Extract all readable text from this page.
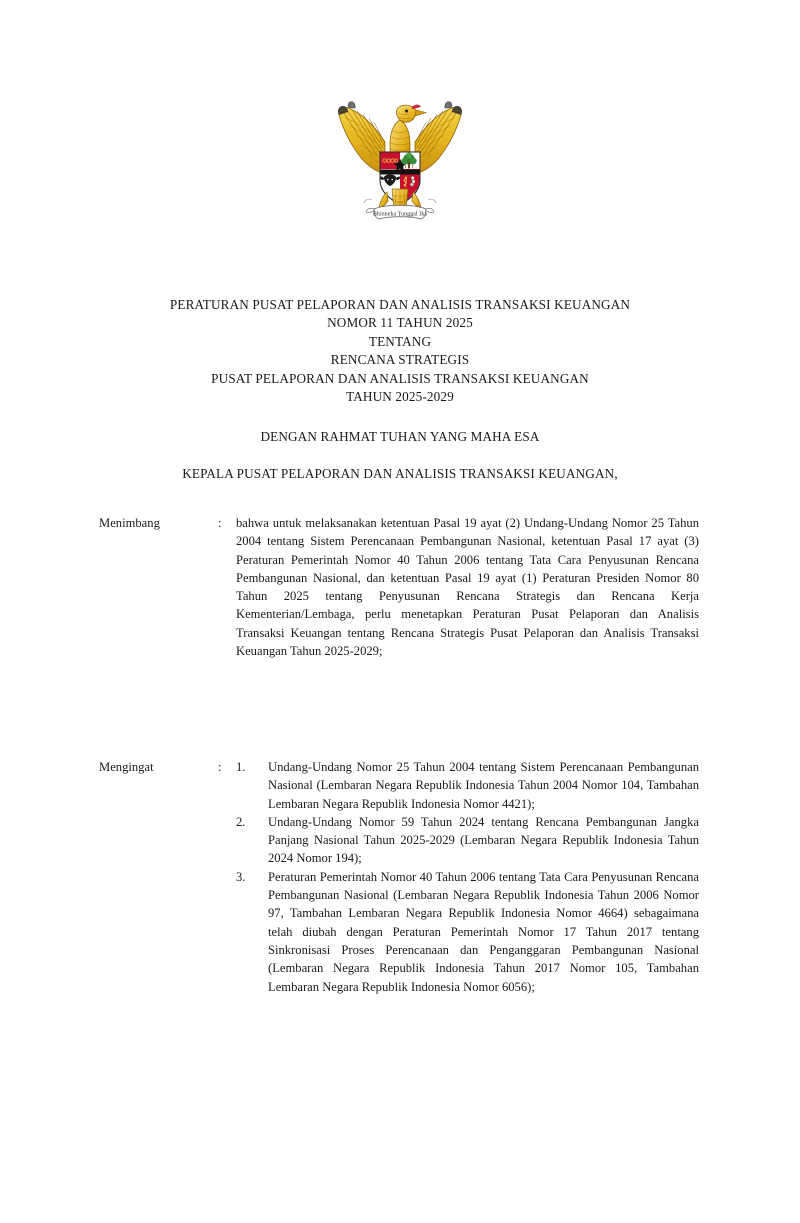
Bhinneka Tunggal Ika
PERATURAN PUSAT PELAPORAN DAN ANALISIS TRANSAKSI KEUANGAN
NOMOR 11 TAHUN 2025
TENTANG
RENCANA STRATEGIS
PUSAT PELAPORAN DAN ANALISIS TRANSAKSI KEUANGAN
TAHUN 2025-2029
DENGAN RAHMAT TUHAN YANG MAHA ESA
KEPALA PUSAT PELAPORAN DAN ANALISIS TRANSAKSI KEUANGAN,
Menimbang	:	bahwa untuk melaksanakan ketentuan Pasal 19 ayat (2) Undang-Undang Nomor 25 Tahun 2004 tentang Sistem Perencanaan Pembangunan Nasional, ketentuan Pasal 17 ayat (3) Peraturan Pemerintah Nomor 40 Tahun 2006 tentang Tata Cara Penyusunan Rencana Pembangunan Nasional, dan ketentuan Pasal 19 ayat (1) Peraturan Presiden Nomor 80 Tahun 2025 tentang Penyusunan Rencana Strategis dan Rencana Kerja Kementerian/Lembaga, perlu menetapkan Peraturan Pusat Pelaporan dan Analisis Transaksi Keuangan tentang Rencana Strategis Pusat Pelaporan dan Analisis Transaksi Keuangan Tahun 2025-2029;

Mengingat	:	1.	Undang-Undang Nomor 25 Tahun 2004 tentang Sistem Perencanaan Pembangunan Nasional (Lembaran Negara Republik Indonesia Tahun 2004 Nomor 104, Tambahan Lembaran Negara Republik Indonesia Nomor 4421);

2.	Undang-Undang Nomor 59 Tahun 2024 tentang Rencana Pembangunan Jangka Panjang Nasional Tahun 2025-2029 (Lembaran Negara Republik Indonesia Tahun 2024 Nomor 194);

3.	Peraturan Pemerintah Nomor 40 Tahun 2006 tentang Tata Cara Penyusunan Rencana Pembangunan Nasional (Lembaran Negara Republik Indonesia Tahun 2006 Nomor 97, Tambahan Lembaran Negara Republik Indonesia Nomor 4664) sebagaimana telah diubah dengan Peraturan Pemerintah Nomor 17 Tahun 2017 tentang Sinkronisasi Proses Perencanaan dan Penganggaran Pembangunan Nasional (Lembaran Negara Republik Indonesia Tahun 2017 Nomor 105, Tambahan Lembaran Negara Republik Indonesia Nomor 6056);
